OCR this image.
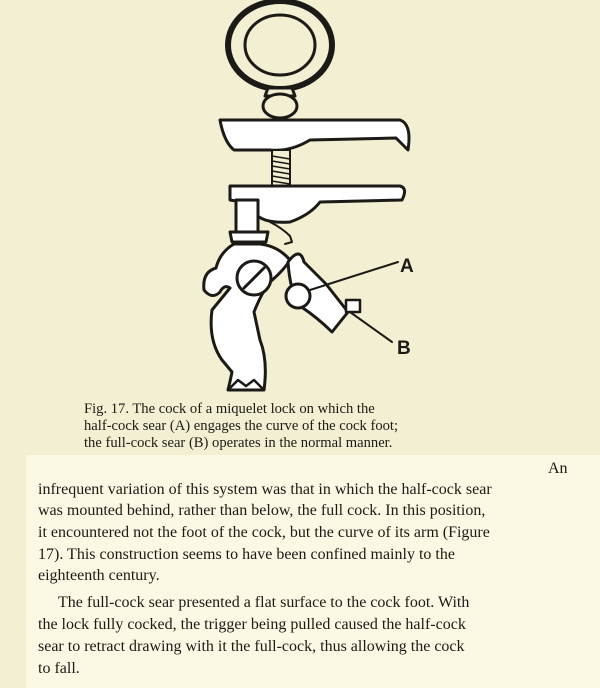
A
B
Fig. 17. The cock of a miquelet lock on which the
half-cock sear (A) engages the curve of the cock foot;
the full-cock sear (B) operates in the normal manner.
An
infrequent variation of this system was that in which the half-cock sear
was mounted behind, rather than below, the full cock. In this position,
it encountered not the foot of the cock, but the curve of its arm (Figure
17). This construction seems to have been confined mainly to the
eighteenth century.
The full-cock sear presented a flat surface to the cock foot. With
the lock fully cocked, the trigger being pulled caused the half-cock
sear to retract drawing with it the full-cock, thus allowing the cock
to fall.
